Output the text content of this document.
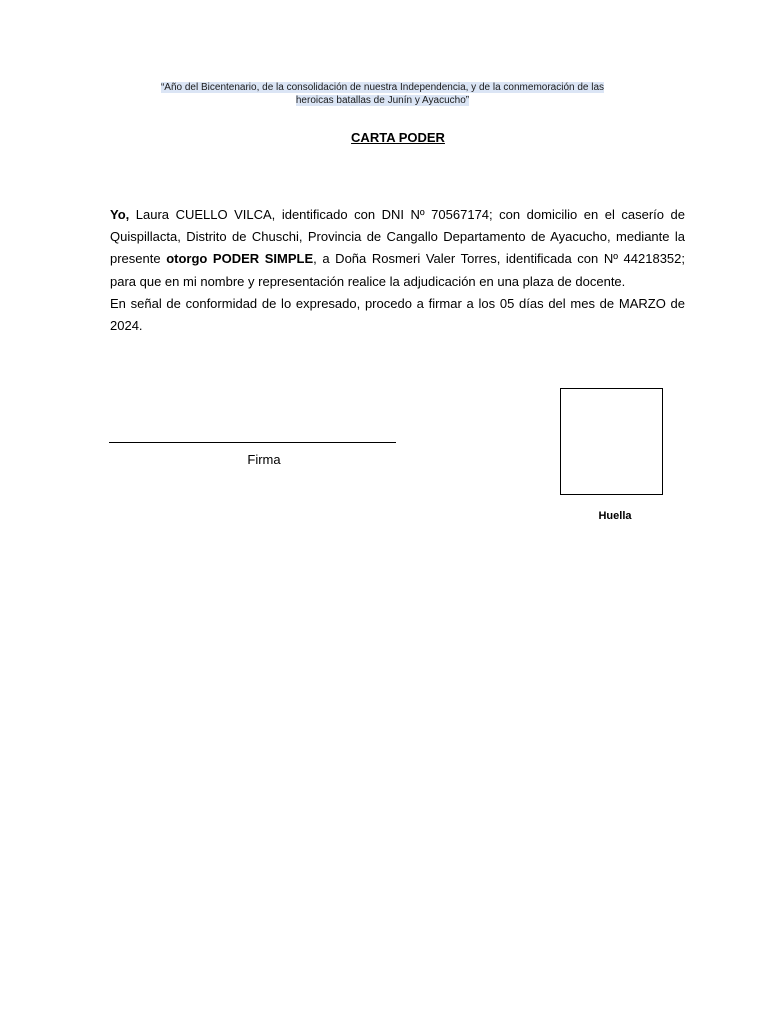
“Año del Bicentenario, de la consolidación de nuestra Independencia, y de la conmemoración de las
heroicas batallas de Junín y Ayacucho”
CARTA PODER

Yo, Laura CUELLO VILCA, identificado con DNI Nº 70567174; con domicilio en el caserío de Quispillacta, Distrito de Chuschi, Provincia de Cangallo Departamento de Ayacucho, mediante la presente otorgo PODER SIMPLE, a Doña Rosmeri Valer Torres, identificada con Nº 44218352; para que en mi nombre y representación realice la adjudicación en una plaza de docente.

En señal de conformidad de lo expresado, procedo a firmar a los 05 días del mes de MARZO de 2024.

Firma
Huella
